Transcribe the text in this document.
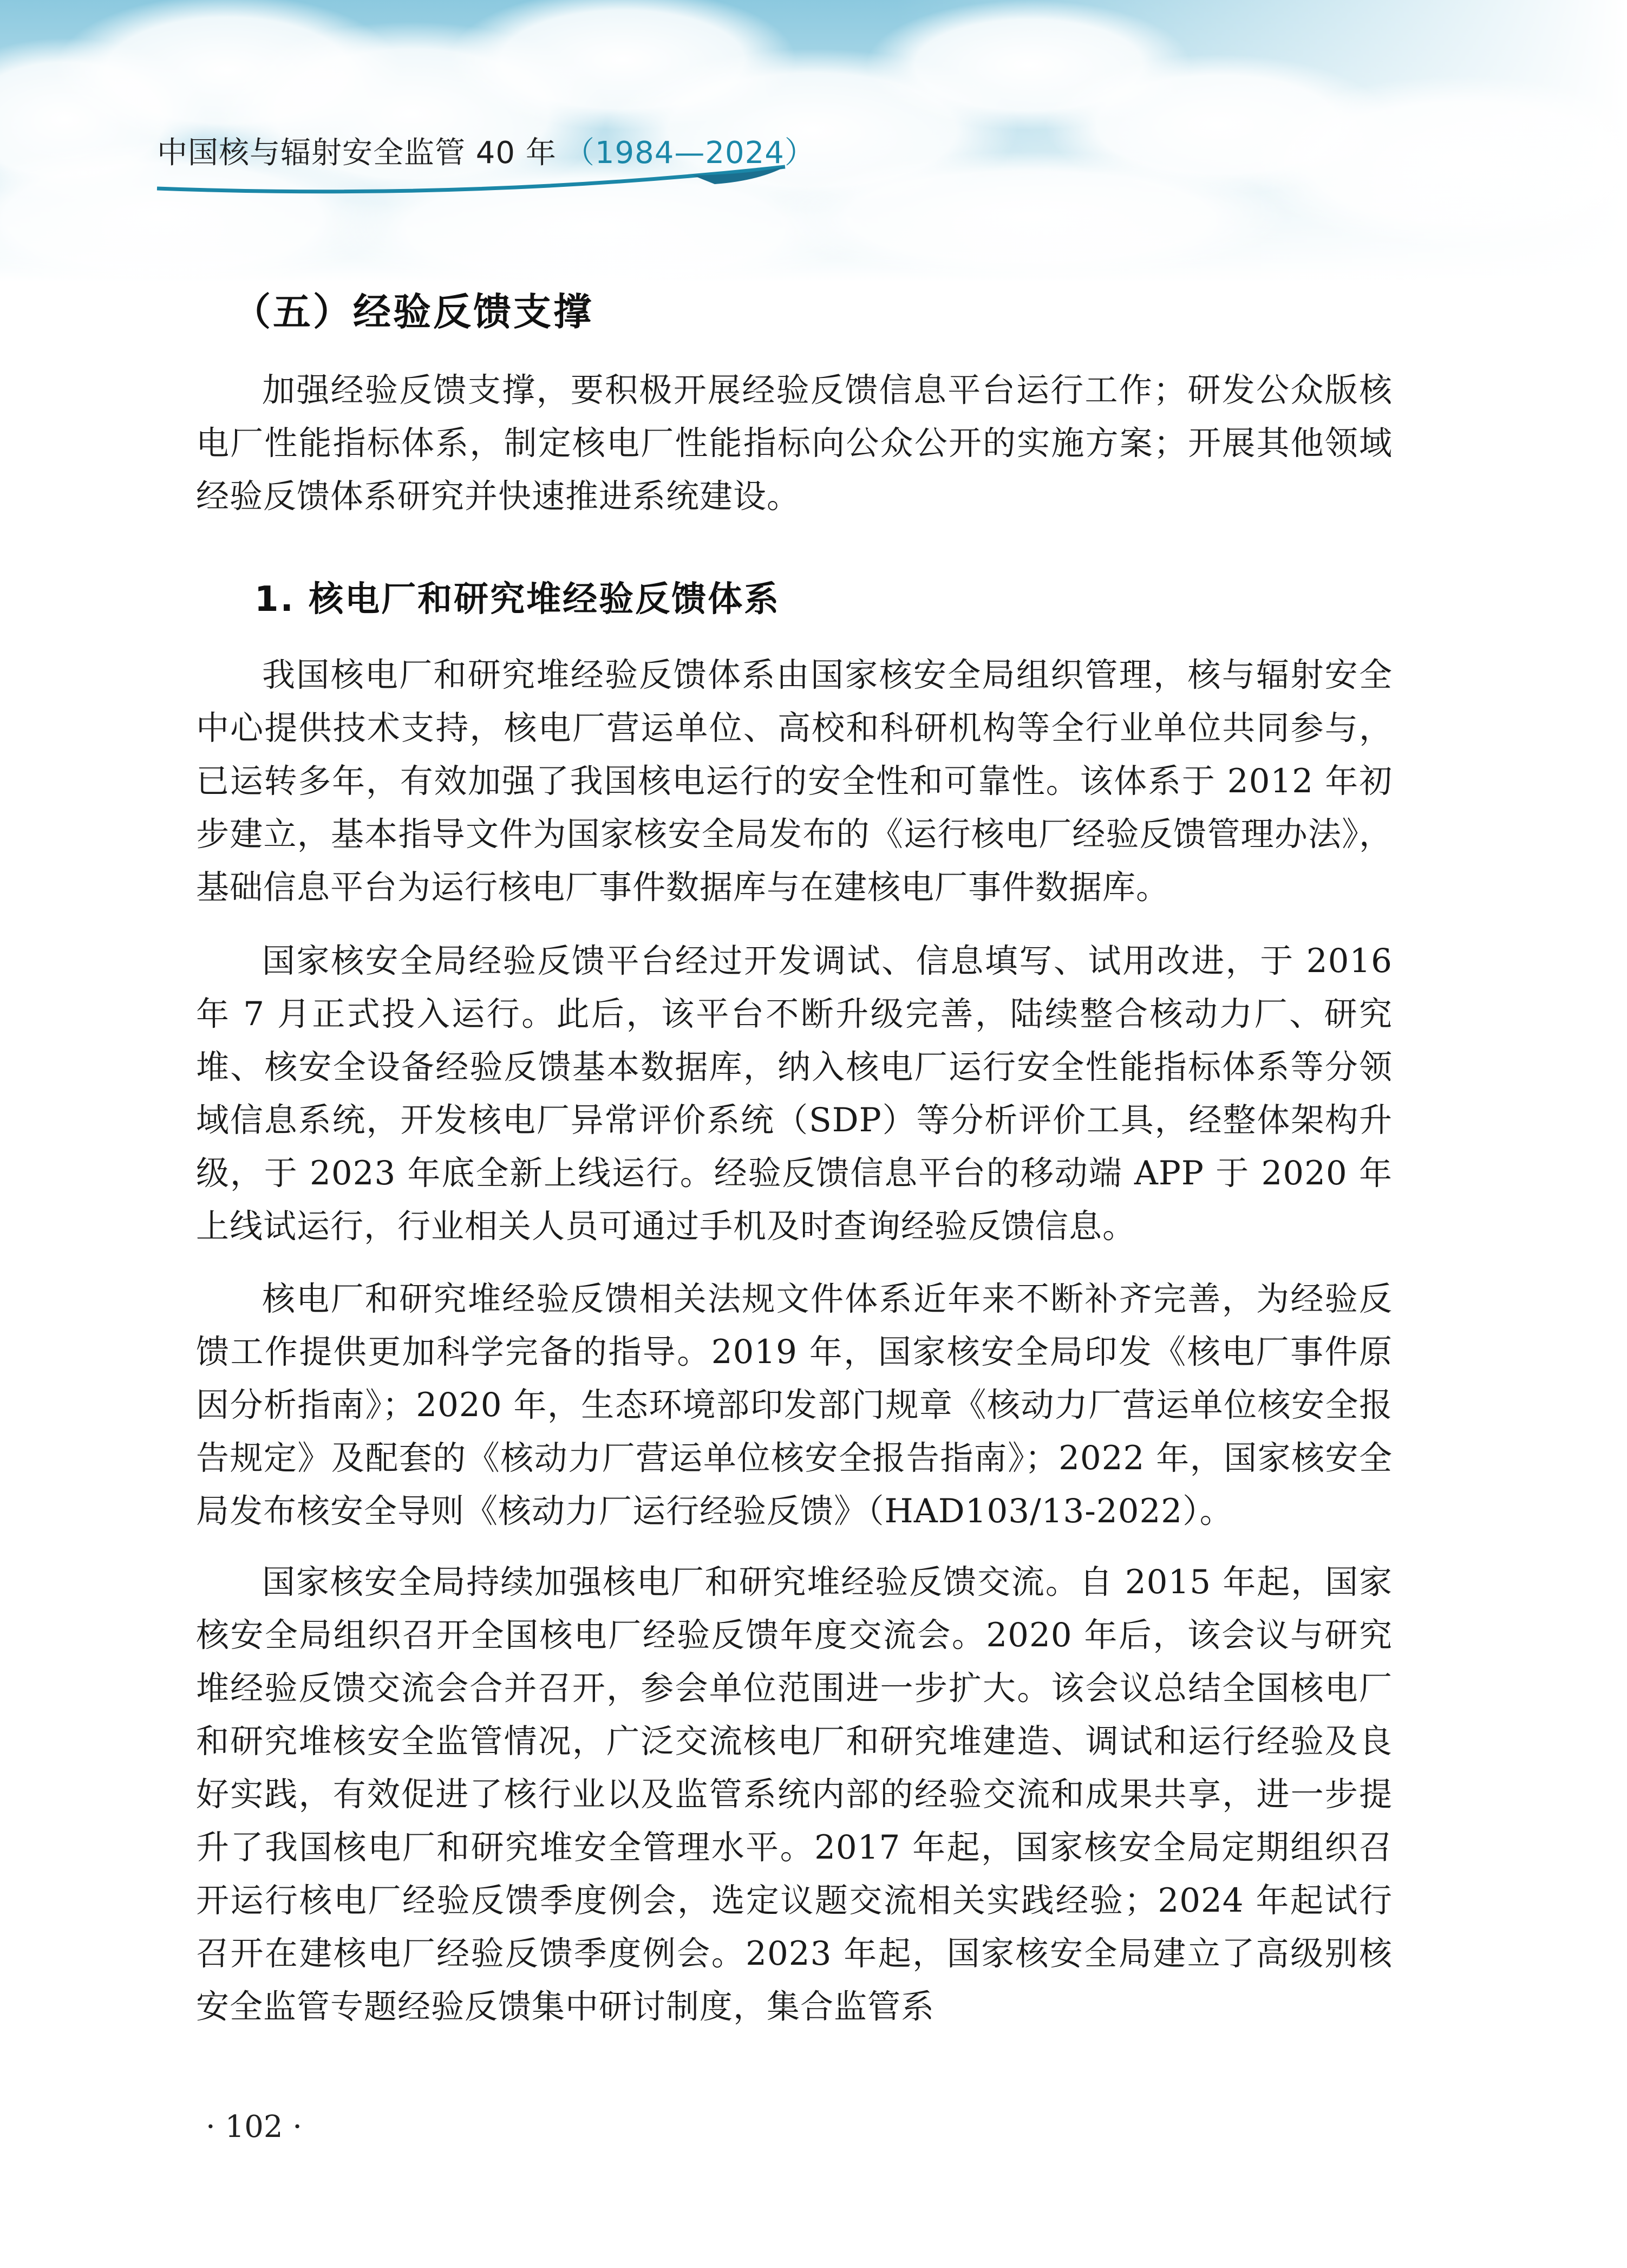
中国核与辐射安全监管 40 年 （1984—2024）
（五）经验反馈支撑

加强经验反馈支撑，要积极开展经验反馈信息平台运行工作；研发公众版核电厂性能指标体系，制定核电厂性能指标向公众公开的实施方案；开展其他领域经验反馈体系研究并快速推进系统建设。

1. 核电厂和研究堆经验反馈体系

我国核电厂和研究堆经验反馈体系由国家核安全局组织管理，核与辐射安全中心提供技术支持，核电厂营运单位、高校和科研机构等全行业单位共同参与，已运转多年，有效加强了我国核电运行的安全性和可靠性。该体系于 2012 年初步建立，基本指导文件为国家核安全局发布的《运行核电厂经验反馈管理办法》，基础信息平台为运行核电厂事件数据库与在建核电厂事件数据库。

国家核安全局经验反馈平台经过开发调试、信息填写、试用改进，于 2016 年 7 月正式投入运行。此后，该平台不断升级完善，陆续整合核动力厂、研究堆、核安全设备经验反馈基本数据库，纳入核电厂运行安全性能指标体系等分领域信息系统，开发核电厂异常评价系统（SDP）等分析评价工具，经整体架构升级，于 2023 年底全新上线运行。经验反馈信息平台的移动端 APP 于 2020 年上线试运行，行业相关人员可通过手机及时查询经验反馈信息。

核电厂和研究堆经验反馈相关法规文件体系近年来不断补齐完善，为经验反馈工作提供更加科学完备的指导。2019 年，国家核安全局印发《核电厂事件原因分析指南》；2020 年，生态环境部印发部门规章《核动力厂营运单位核安全报告规定》及配套的《核动力厂营运单位核安全报告指南》；2022 年，国家核安全局发布核安全导则《核动力厂运行经验反馈》（HAD103/13-2022）。

国家核安全局持续加强核电厂和研究堆经验反馈交流。自 2015 年起，国家核安全局组织召开全国核电厂经验反馈年度交流会。2020 年后，该会议与研究堆经验反馈交流会合并召开，参会单位范围进一步扩大。该会议总结全国核电厂和研究堆核安全监管情况，广泛交流核电厂和研究堆建造、调试和运行经验及良好实践，有效促进了核行业以及监管系统内部的经验交流和成果共享，进一步提升了我国核电厂和研究堆安全管理水平。2017 年起，国家核安全局定期组织召开运行核电厂经验反馈季度例会，选定议题交流相关实践经验；2024 年起试行召开在建核电厂经验反馈季度例会。2023 年起，国家核安全局建立了高级别核安全监管专题经验反馈集中研讨制度，集合监管系

· 102 ·
